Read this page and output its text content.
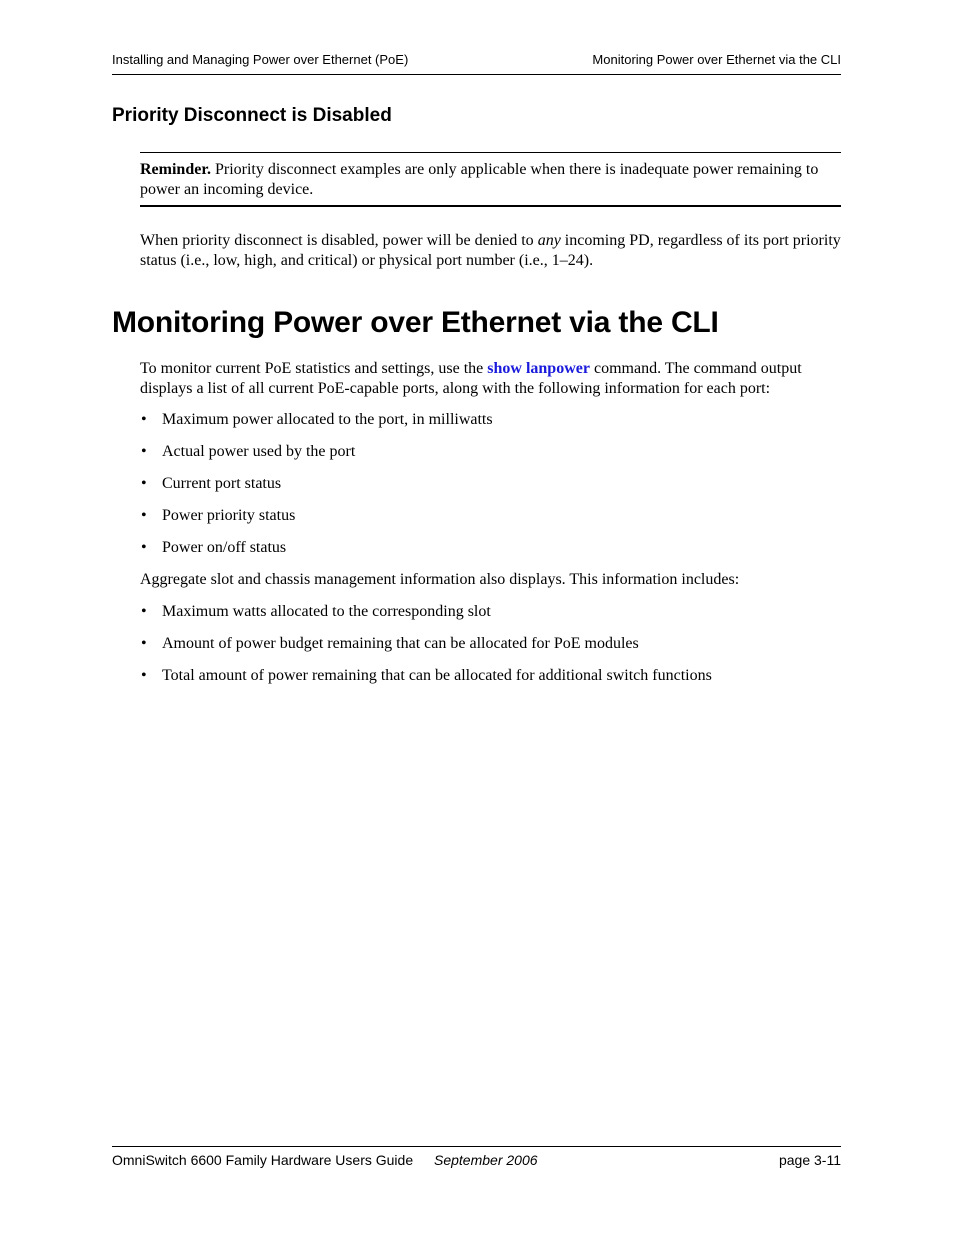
Installing and Managing Power over Ethernet (PoE)	Monitoring Power over Ethernet via the CLI
Priority Disconnect is Disabled
Reminder. Priority disconnect examples are only applicable when there is inadequate power remaining to power an incoming device.

When priority disconnect is disabled, power will be denied to any incoming PD, regardless of its port priority status (i.e., low, high, and critical) or physical port number (i.e., 1–24).

Monitoring Power over Ethernet via the CLI

To monitor current PoE statistics and settings, use the show lanpower command. The command output displays a list of all current PoE-capable ports, along with the following information for each port:

• Maximum power allocated to the port, in milliwatts
• Actual power used by the port
• Current port status
• Power priority status
• Power on/off status

Aggregate slot and chassis management information also displays. This information includes:

• Maximum watts allocated to the corresponding slot
• Amount of power budget remaining that can be allocated for PoE modules
• Total amount of power remaining that can be allocated for additional switch functions
OmniSwitch 6600 Family Hardware Users Guide September 2006	page 3-11
